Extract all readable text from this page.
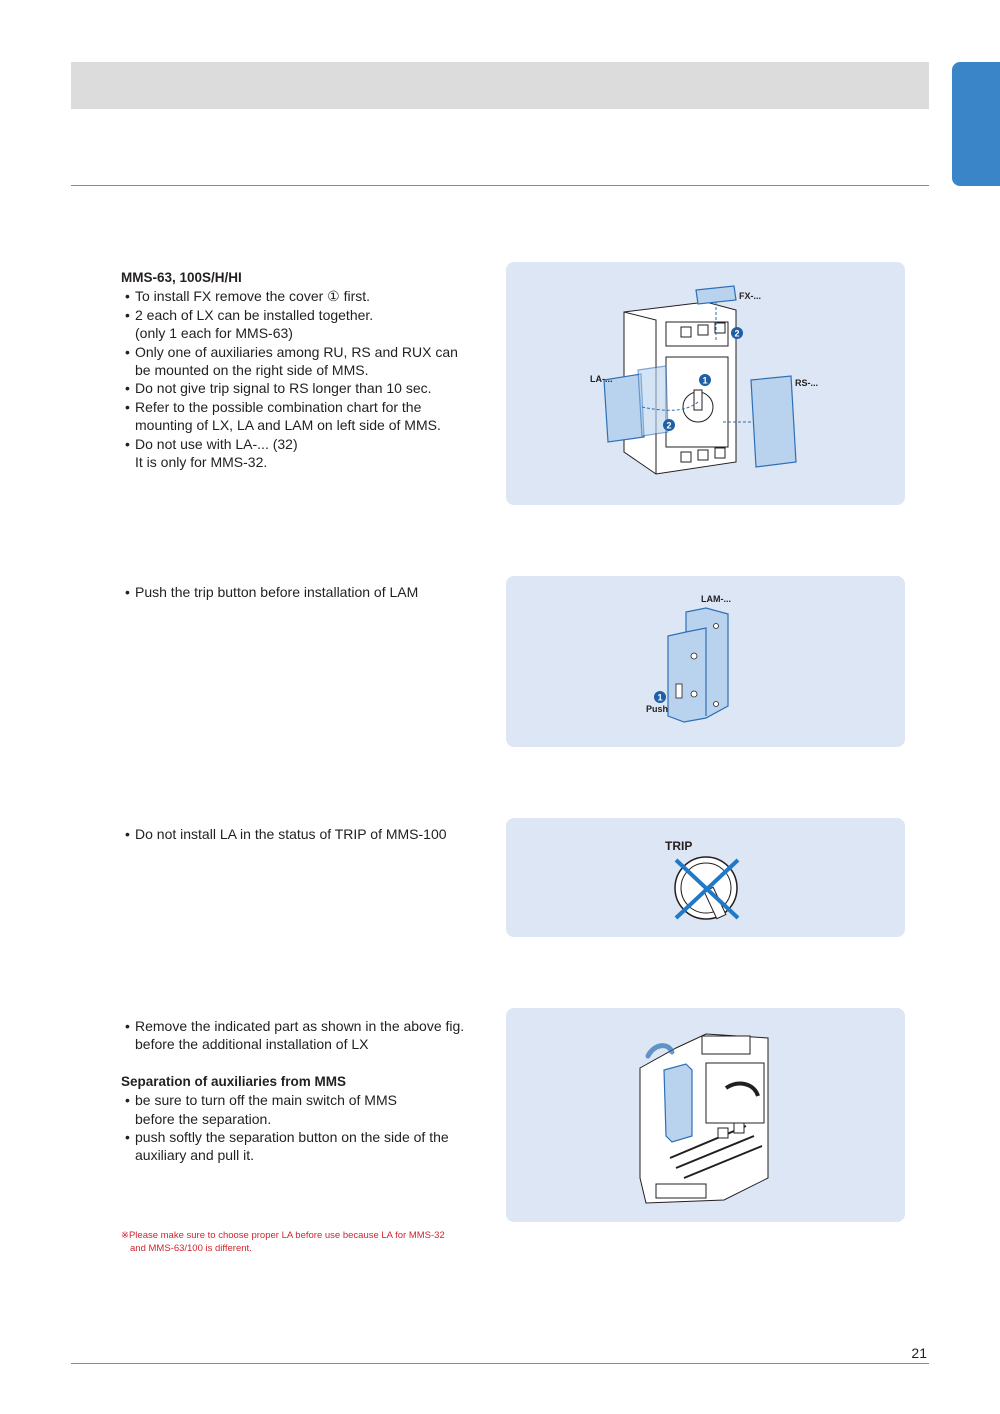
MMS-63, 100S/H/HI
• To install FX remove the cover ① first.
• 2 each of LX can be installed together.
(only 1 each for MMS-63)
• Only one of auxiliaries among RU, RS and RUX can
be mounted on the right side of MMS.
• Do not give trip signal to RS longer than 10 sec.
• Refer to the possible combination chart for the
mounting of LX, LA and LAM on left side of MMS.
• Do not use with LA-... (32)
It is only for MMS-32.
1
2
2
FX-...
LA-...	RS-...
• Push the trip button before installation of LAM
1
LAM-...
Push
• Do not install LA in the status of TRIP of MMS-100
TRIP
• Remove the indicated part as shown in the above fig.
before the additional installation of LX
Separation of auxiliaries from MMS
• be sure to turn off the main switch of MMS
before the separation.
• push softly the separation button on the side of the
auxiliary and pull it.
※Please make sure to choose proper LA before use because LA for MMS-32
and MMS-63/100 is different.
21
